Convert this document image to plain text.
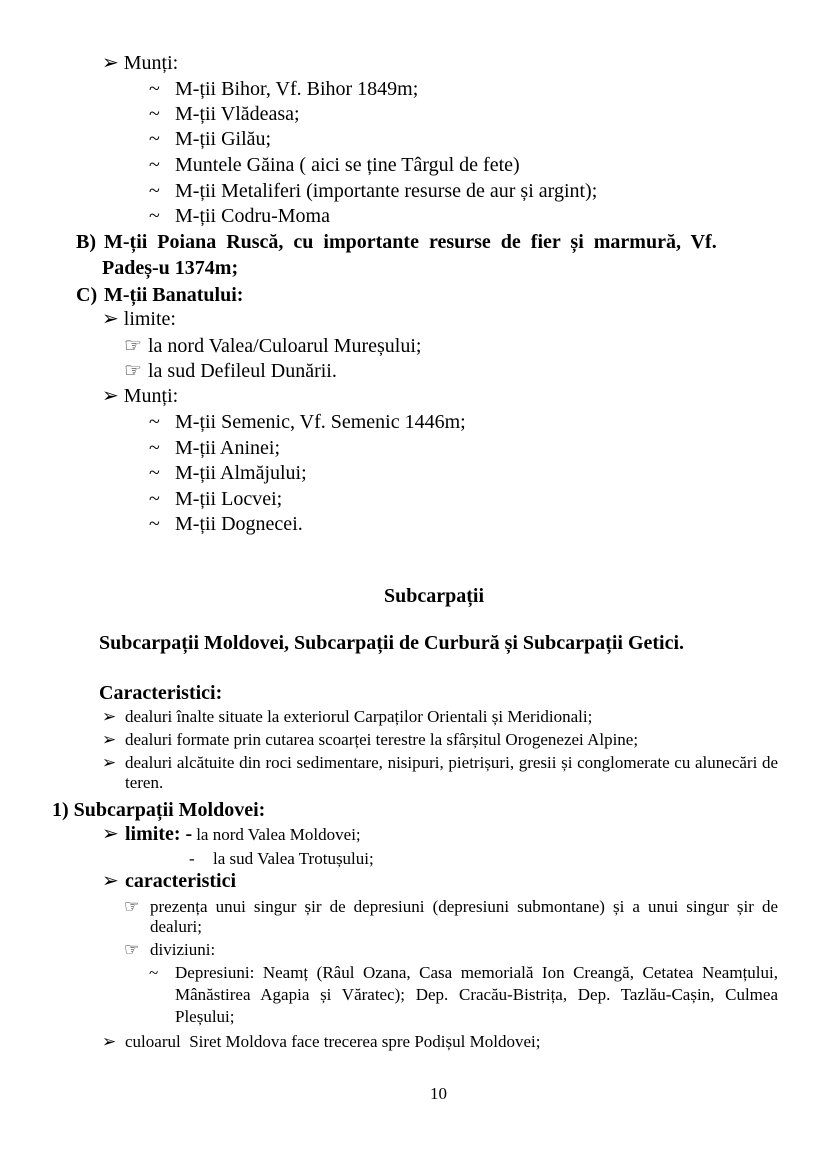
➢ Munți:
~ M-ții Bihor, Vf. Bihor 1849m;
~ M-ții Vlădeasa;
~ M-ții Gilău;
~ Muntele Găina ( aici se ține Târgul de fete)
~ M-ții Metaliferi (importante resurse de aur și argint);
~ M-ții Codru-Moma
B) M-ții Poiana Ruscă, cu importante resurse de fier și marmură, Vf.
Padeș-u 1374m;
C) M-ții Banatului:
➢ limite:
☞ la nord Valea/Culoarul Mureșului;
☞ la sud Defileul Dunării.
➢ Munți:
~ M-ții Semenic, Vf. Semenic 1446m;
~ M-ții Aninei;
~ M-ții Almăjului;
~ M-ții Locvei;
~ M-ții Dognecei.
Subcarpații
Subcarpații Moldovei, Subcarpații de Curbură și Subcarpații Getici.
Caracteristici:
➢ dealuri înalte situate la exteriorul Carpaților Orientali și Meridionali;
➢ dealuri formate prin cutarea scoarței terestre la sfârșitul Orogenezei Alpine;
➢ dealuri alcătuite din roci sedimentare, nisipuri, pietrișuri, gresii și conglomerate cu alunecări de teren.
1) Subcarpații Moldovei:
➢ limite: - la nord Valea Moldovei;
- la sud Valea Trotușului;
➢ caracteristici
☞ prezența unui singur șir de depresiuni (depresiuni submontane) și a unui singur șir de dealuri;
☞ diviziuni:
~ Depresiuni: Neamț (Râul Ozana, Casa memorială Ion Creangă, Cetatea Neamțului, Mânăstirea Agapia și Văratec); Dep. Cracău-Bistrița, Dep. Tazlău-Cașin, Culmea Pleșului;
➢ culoarul  Siret Moldova face trecerea spre Podișul Moldovei;
10
